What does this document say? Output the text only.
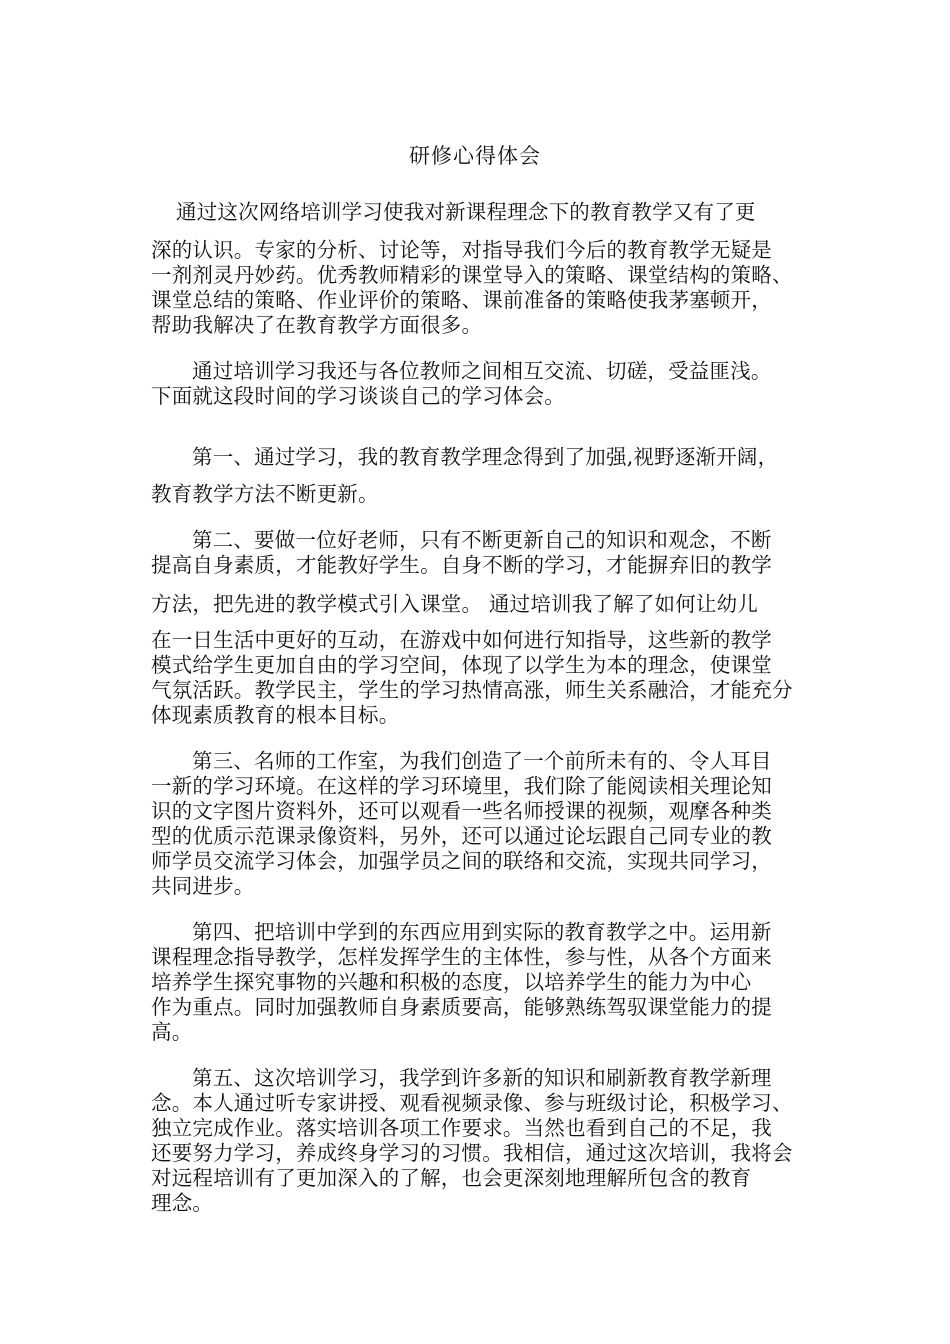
研修心得体会
通过这次网络培训学习使我对新课程理念下的教育教学又有了更
深的认识。专家的分析、讨论等，对指导我们今后的教育教学无疑是
一剂剂灵丹妙药。优秀教师精彩的课堂导入的策略、课堂结构的策略、
课堂总结的策略、作业评价的策略、课前准备的策略使我茅塞顿开，
帮助我解决了在教育教学方面很多。
通过培训学习我还与各位教师之间相互交流、切磋，受益匪浅。
下面就这段时间的学习谈谈自己的学习体会。
第一、通过学习，我的教育教学理念得到了加强,视野逐渐开阔，
教育教学方法不断更新。
第二、要做一位好老师，只有不断更新自己的知识和观念，不断
提高自身素质，才能教好学生。自身不断的学习，才能摒弃旧的教学
方法，把先进的教学模式引入课堂。 通过培训我了解了如何让幼儿
在一日生活中更好的互动，在游戏中如何进行知指导，这些新的教学
模式给学生更加自由的学习空间，体现了以学生为本的理念，使课堂
气氛活跃。教学民主，学生的学习热情高涨，师生关系融洽，才能充分
体现素质教育的根本目标。
第三、名师的工作室，为我们创造了一个前所未有的、令人耳目
一新的学习环境。在这样的学习环境里，我们除了能阅读相关理论知
识的文字图片资料外，还可以观看一些名师授课的视频，观摩各种类
型的优质示范课录像资料，另外，还可以通过论坛跟自己同专业的教
师学员交流学习体会，加强学员之间的联络和交流，实现共同学习，
共同进步。
第四、把培训中学到的东西应用到实际的教育教学之中。运用新
课程理念指导教学，怎样发挥学生的主体性，参与性，从各个方面来
培养学生探究事物的兴趣和积极的态度，以培养学生的能力为中心
作为重点。同时加强教师自身素质要高，能够熟练驾驭课堂能力的提
高。
第五、这次培训学习，我学到许多新的知识和刷新教育教学新理
念。本人通过听专家讲授、观看视频录像、参与班级讨论，积极学习、
独立完成作业。落实培训各项工作要求。当然也看到自己的不足，我
还要努力学习，养成终身学习的习惯。我相信，通过这次培训，我将会
对远程培训有了更加深入的了解，也会更深刻地理解所包含的教育
理念。
